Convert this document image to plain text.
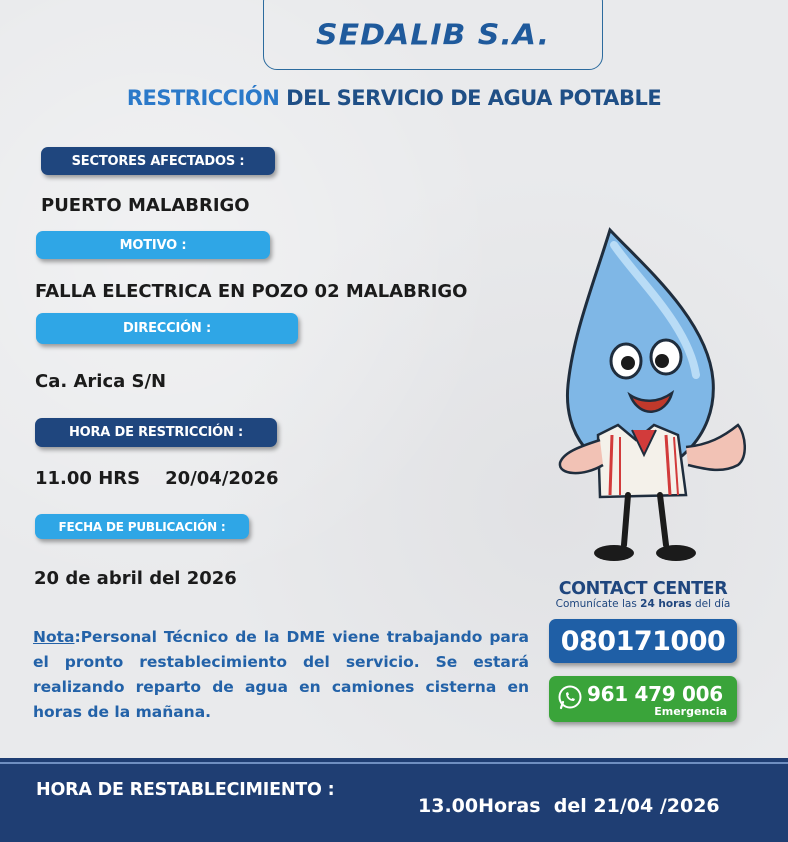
SEDALIB S.A.
RESTRICCIÓN DEL SERVICIO DE AGUA POTABLE
SECTORES AFECTADOS :
PUERTO MALABRIGO
MOTIVO :
FALLA ELECTRICA EN POZO 02 MALABRIGO
DIRECCIÓN :
Ca. Arica S/N
HORA DE RESTRICCIÓN :
11.00 HRS    20/04/2026
FECHA DE PUBLICACIÓN :
20 de abril del 2026
Nota:Personal Técnico de la DME viene trabajando para el pronto restablecimiento del servicio. Se estará realizando reparto de agua en camiones cisterna en horas de la mañana.
CONTACT CENTER
Comunícate las 24 horas del día
080171000
961 479 006
Emergencia
HORA DE RESTABLECIMIENTO :
13.00Horas  del 21/04 /2026
